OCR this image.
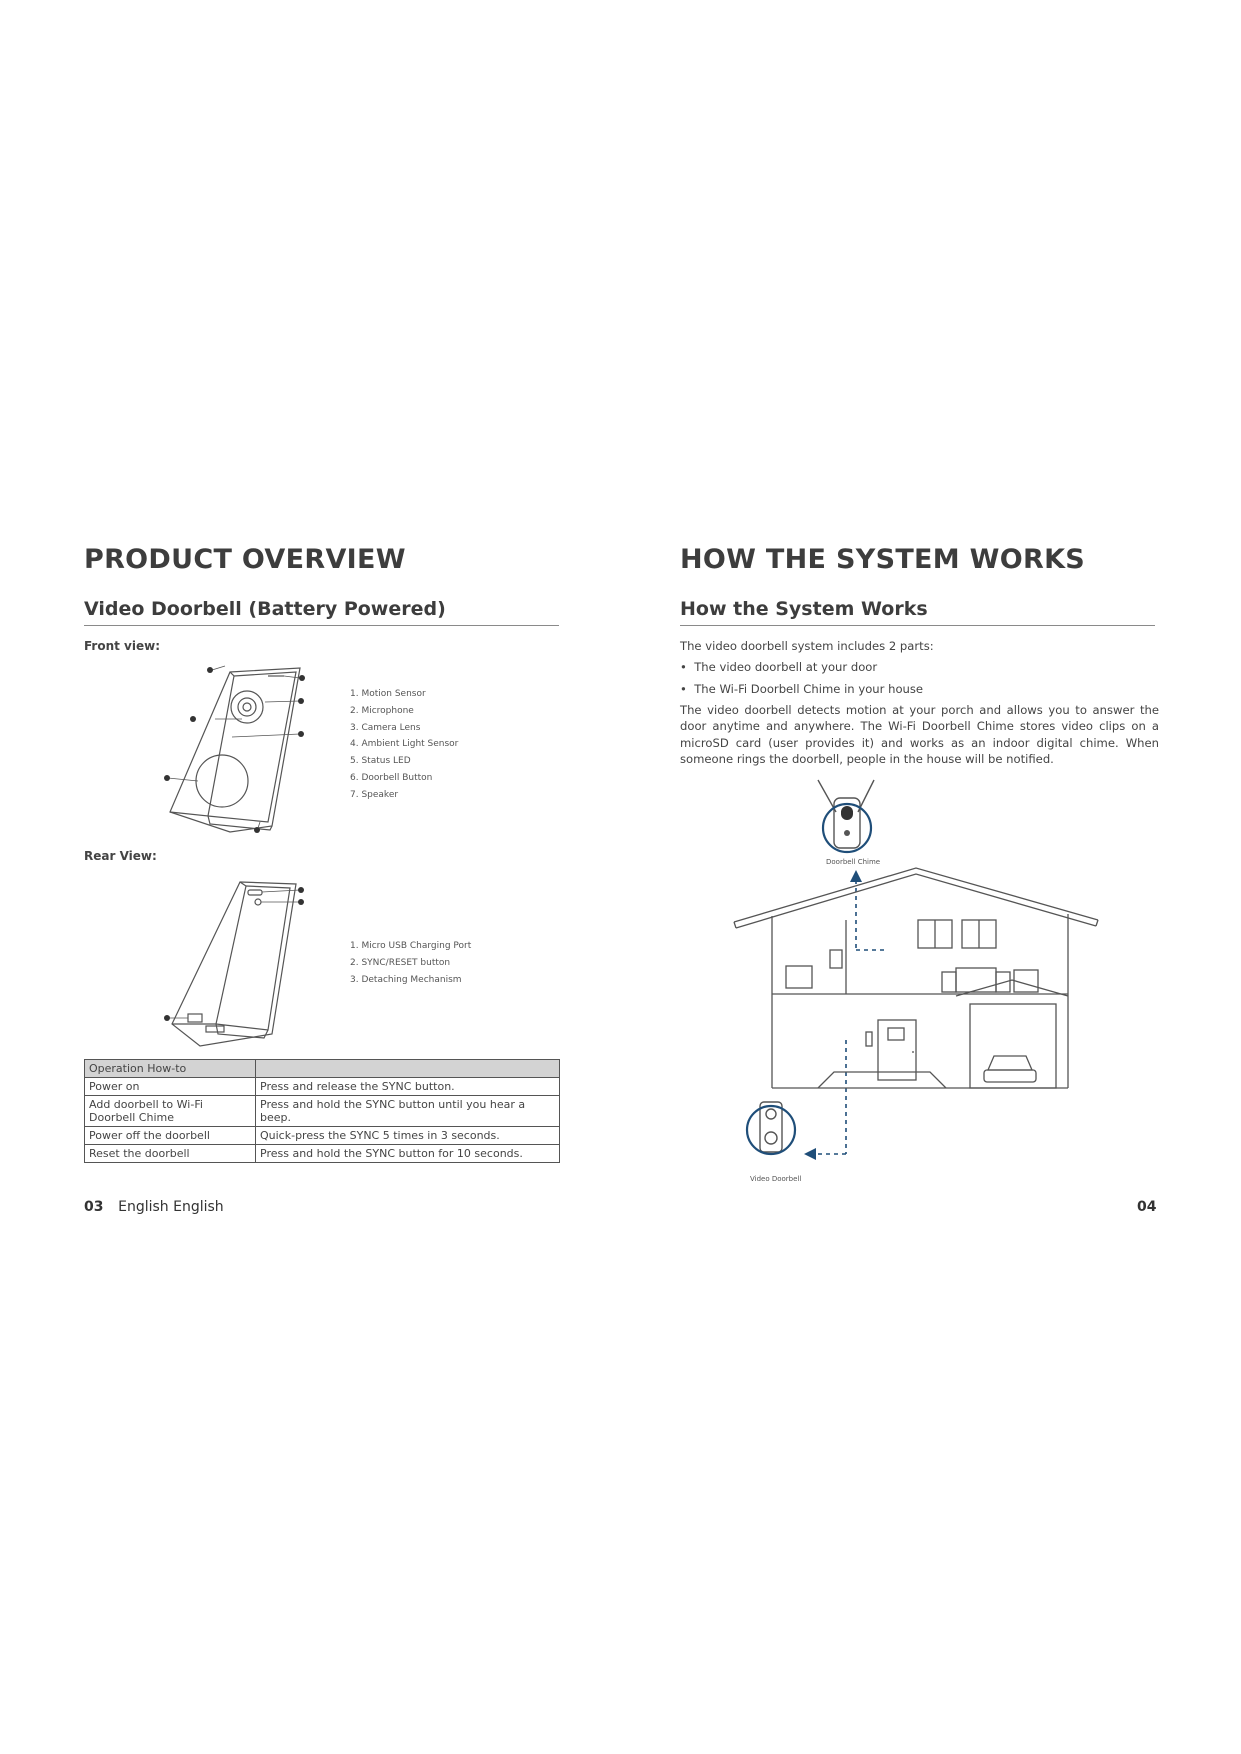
PRODUCT OVERVIEW
Video Doorbell (Battery Powered)
Front view:
1. Motion Sensor
2. Microphone
3. Camera Lens
4. Ambient Light Sensor
5. Status LED
6. Doorbell Button
7. Speaker
Rear View:
1. Micro USB Charging Port
2. SYNC/RESET button
3. Detaching Mechanism
Operation How-to	
Power on	Press and release the SYNC button.
Add doorbell to Wi-Fi Doorbell Chime	Press and hold the SYNC button until you hear a beep.
Power off the doorbell	Quick-press the SYNC 5 times in 3 seconds.
Reset the doorbell	Press and hold the SYNC button for 10 seconds.
03 English English
HOW THE SYSTEM WORKS
How the System Works
The video doorbell system includes 2 parts:
•  The video doorbell at your door
•  The Wi-Fi Doorbell Chime in your house
The video doorbell detects motion at your porch and allows you to answer the door anytime and anywhere. The Wi-Fi Doorbell Chime stores video clips on a microSD card (user provides it) and works as an indoor digital chime. When someone rings the doorbell, people in the house will be notified.
Doorbell Chime
Video Doorbell
04
